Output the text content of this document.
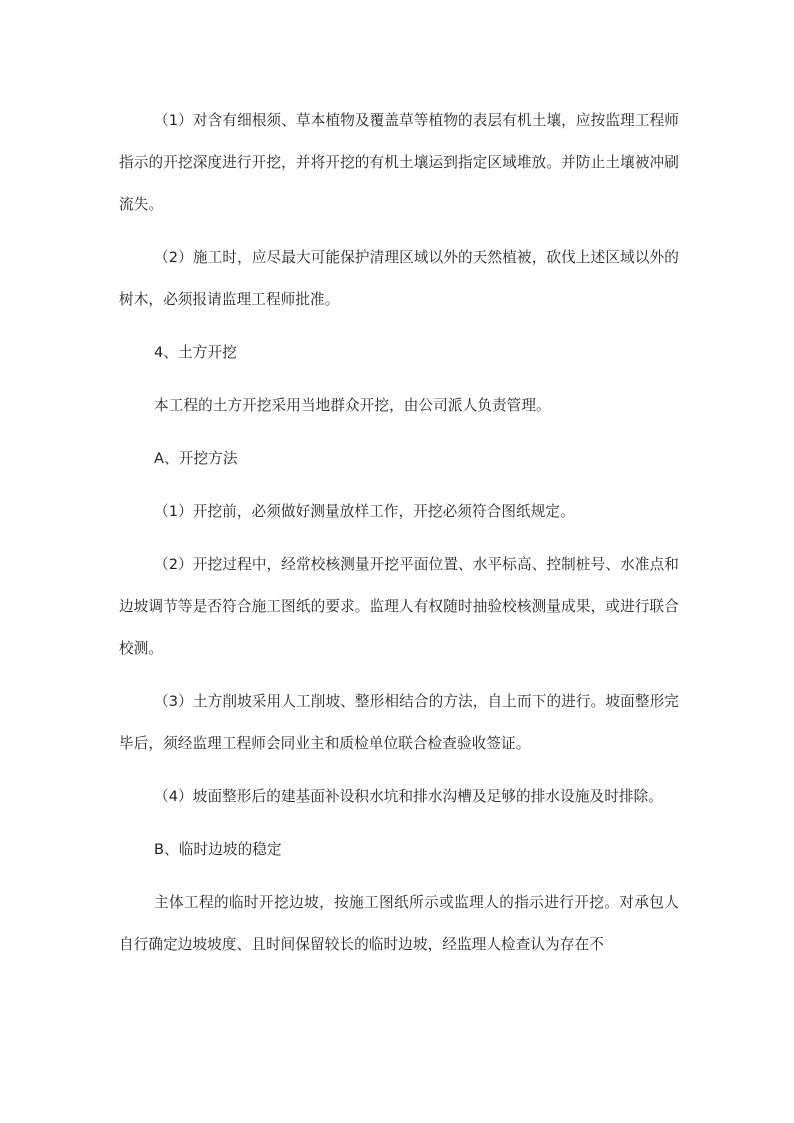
（1）对含有细根须、草本植物及覆盖草等植物的表层有机土壤，应按监理工程师指示的开挖深度进行开挖，并将开挖的有机土壤运到指定区域堆放。并防止土壤被冲刷流失。

（2）施工时，应尽最大可能保护清理区域以外的天然植被，砍伐上述区域以外的树木，必须报请监理工程师批准。

4、土方开挖

本工程的土方开挖采用当地群众开挖，由公司派人负责管理。

A、开挖方法

（1）开挖前，必须做好测量放样工作，开挖必须符合图纸规定。

（2）开挖过程中，经常校核测量开挖平面位置、水平标高、控制桩号、水准点和边坡调节等是否符合施工图纸的要求。监理人有权随时抽验校核测量成果，或进行联合校测。

（3）土方削坡采用人工削坡、整形相结合的方法，自上而下的进行。坡面整形完毕后，须经监理工程师会同业主和质检单位联合检查验收签证。

（4）坡面整形后的建基面补设积水坑和排水沟槽及足够的排水设施及时排除。

B、临时边坡的稳定

主体工程的临时开挖边坡，按施工图纸所示或监理人的指示进行开挖。对承包人自行确定边坡坡度、且时间保留较长的临时边坡，经监理人检查认为存在不
